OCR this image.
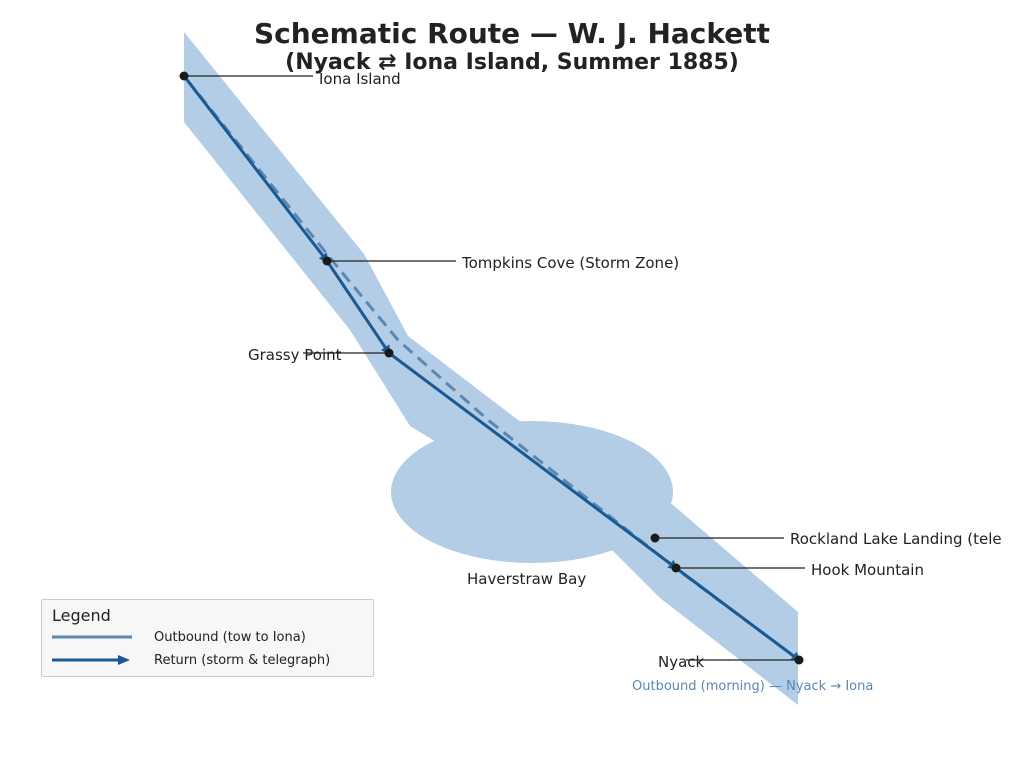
Schematic Route — W. J. Hackett
(Nyack ⇄ Iona Island, Summer 1885)
Iona Island
Tompkins Cove (Storm Zone)
Grassy Point
Rockland Lake Landing (tele
Hook Mountain
Haverstraw Bay
Nyack
Outbound (morning) — Nyack → Iona
Legend
Outbound (tow to Iona)
Return (storm & telegraph)
